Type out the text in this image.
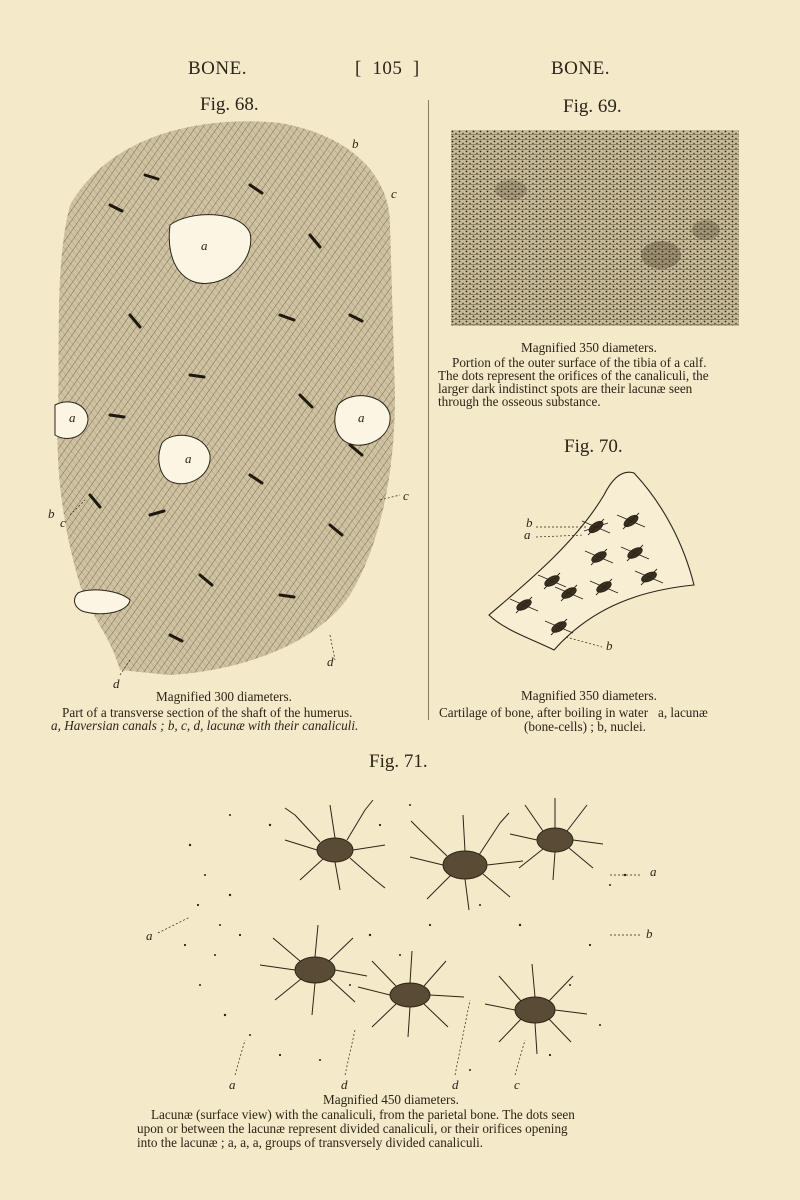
BONE.	[  105  ]	BONE.
Fig. 68.
a
a
a
a
b
b
c
c
c
d
d
Magnified 300 diameters.
Part of a transverse section of the shaft of the humerus.
a, Haversian canals ; b, c, d, lacunæ with their canaliculi.
Fig. 69.
Magnified 350 diameters.
Portion of the outer surface of the tibia of a calf.
The dots represent the orifices of the canaliculi, the
larger dark indistinct spots are their lacunæ seen
through the osseous substance.
Fig. 70.
b
a
b
Magnified 350 diameters.
Cartilage of bone, after boiling in water   a, lacunæ
(bone-cells) ; b, nuclei.
Fig. 71.
a
a	b
a	d	d	c
Magnified 450 diameters.
Lacunæ (surface view) with the canaliculi, from the parietal bone. The dots seen
upon or between the lacunæ represent divided canaliculi, or their orifices opening
into the lacunæ ; a, a, a, groups of transversely divided canaliculi.
